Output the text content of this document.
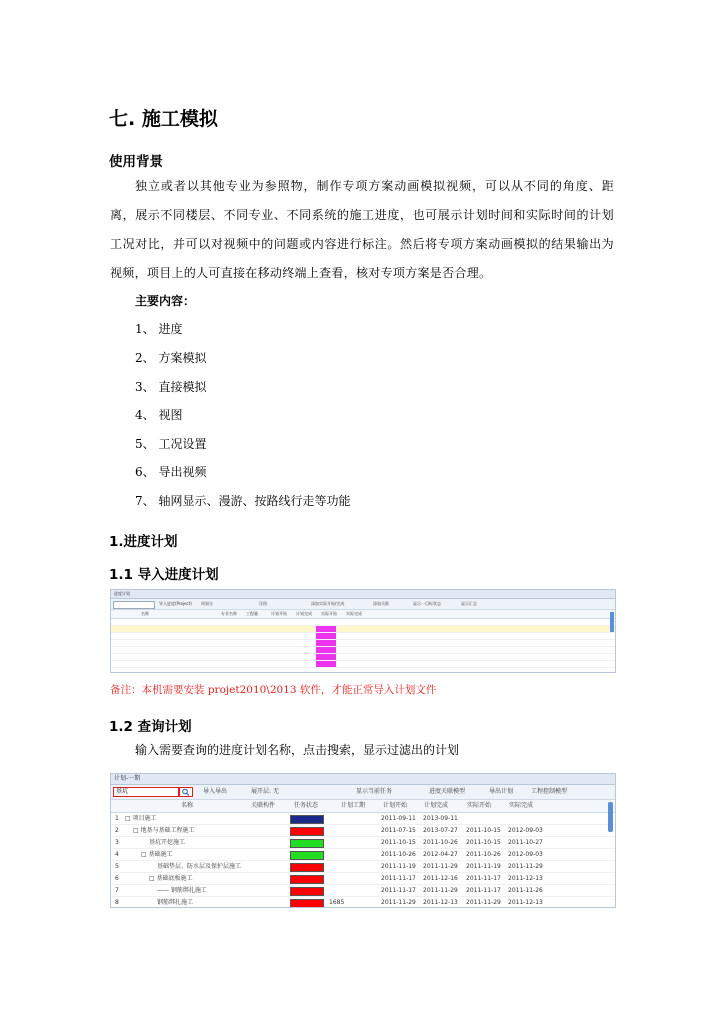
七. 施工模拟
使用背景
独立或者以其他专业为参照物，制作专项方案动画模拟视频，可以从不同的角度、距离，展示不同楼层、不同专业、不同系统的施工进度，也可展示计划时间和实际时间的计划工况对比，并可以对视频中的问题或内容进行标注。然后将专项方案动画模拟的结果输出为视频，项目上的人可直接在移动终端上查看，核对专项方案是否合理。
主要内容：
1、 进度
2、 方案模拟
3、 直接模拟
4、 视图
5、 工况设置
6、 导出视频
7、 轴网显示、漫游、按路线行走等功能
1.进度计划
1.1 导入进度计划
进度计划
导入进度(Project) 周划分	详图	添加实际开始/完成	添加关联	显示一目标状态	显示汇总
名称	专业名称 工程量	计划开始 计划完成 实际开始 实际完成
备注：本机需要安装 projet2010\2013 软件，才能正常导入计划文件
1.2 查询计划
输入需要查询的进度计划名称，点击搜索，显示过滤出的计划
计划-一期
基坑	导入导出	展开层: 无	显示当前任务	进度关联模型	导出计划	工程控制模型
名称	关联构件	任务状态	计划工期	计划开始	计划完成	实际开始	实际完成
1 □ 项目施工	2011-09-11 2013-09-11
2 □ 地基与基础工程施工	2011-07-15 2013-07-27 2011-10-15 2012-09-03
3	基坑开挖施工	2011-10-15 2011-10-26 2011-10-15 2011-10-27
4	□ 基础施工	2011-10-26 2012-04-27 2011-10-26 2012-09-03
5	基础垫层、防水层及保护层施工	2011-11-19 2011-11-29 2011-11-19 2011-11-29
6	□ 基础底板施工	2011-11-17 2011-12-16 2011-11-17 2011-12-13
7	—— 钢筋绑扎施工	2011-11-17 2011-11-29 2011-11-17 2011-11-26
8	钢筋绑扎施工	1685	2011-11-29 2011-12-13 2011-11-29 2011-12-13
